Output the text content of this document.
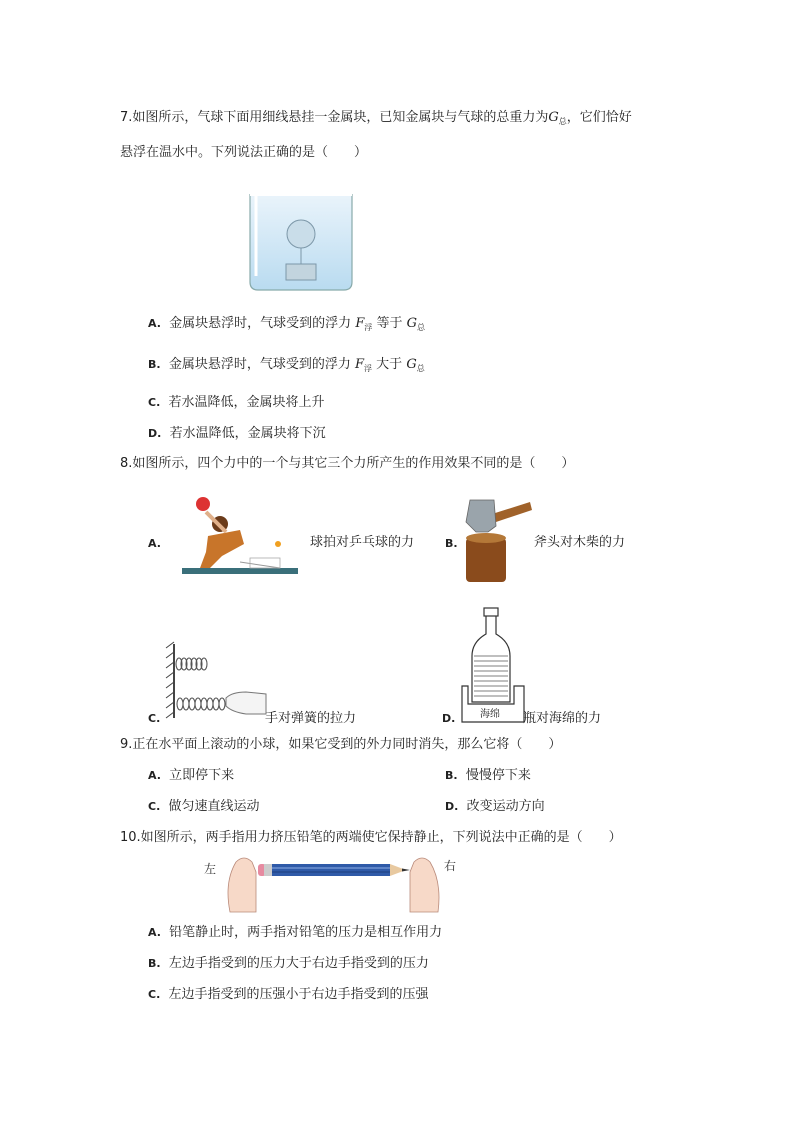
7.如图所示，气球下面用细线悬挂一金属块，已知金属块与气球的总重力为$G_总$，它们恰好
悬浮在温水中。下列说法正确的是（　　）
A. 金属块悬浮时，气球受到的浮力 $F_浮$ 等于 $G_总$
B. 金属块悬浮时，气球受到的浮力 $F_浮$ 大于 $G_总$
C. 若水温降低，金属块将上升
D. 若水温降低，金属块将下沉
8.如图所示，四个力中的一个与其它三个力所产生的作用效果不同的是（　　）
A.	球拍对乒乓球的力	B.	斧头对木柴的力
C.	手对弹簧的拉力	D. 海绵 瓶对海绵的力
9.正在水平面上滚动的小球，如果它受到的外力同时消失，那么它将（　　）
A. 立即停下来	B. 慢慢停下来
C. 做匀速直线运动	D. 改变运动方向
10.如图所示，两手指用力挤压铅笔的两端使它保持静止，下列说法中正确的是（　　）
左	右
A. 铅笔静止时，两手指对铅笔的压力是相互作用力
B. 左边手指受到的压力大于右边手指受到的压力
C. 左边手指受到的压强小于右边手指受到的压强
